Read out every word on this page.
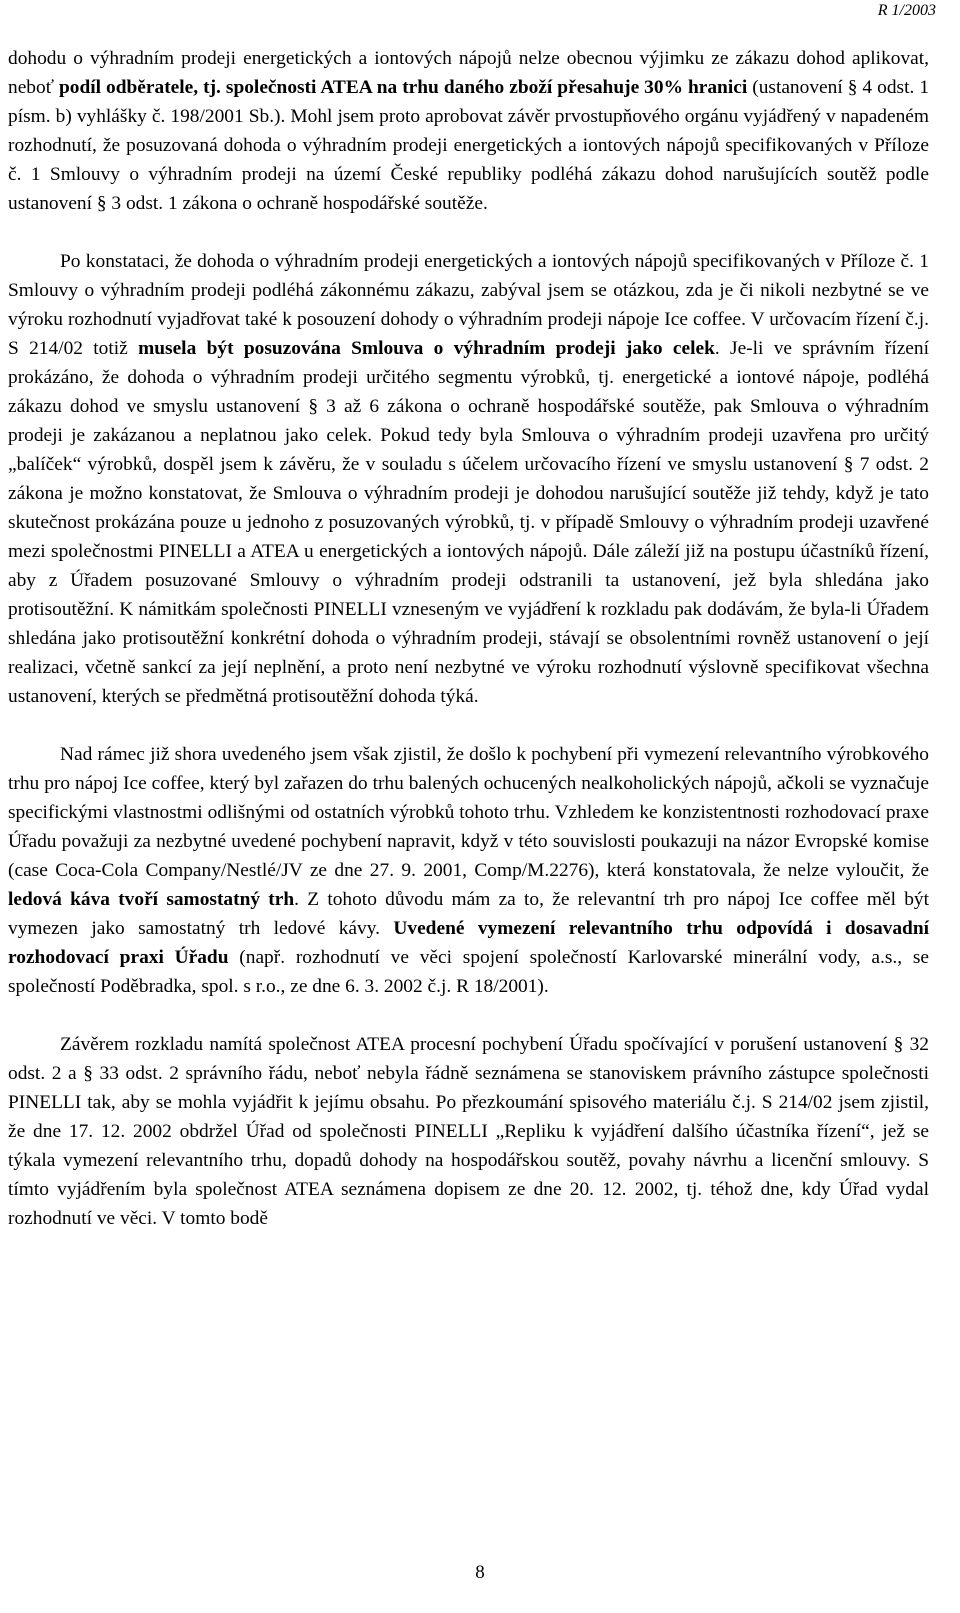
R 1/2003

dohodu o výhradním prodeji energetických a iontových nápojů nelze obecnou výjimku ze zákazu dohod aplikovat, neboť podíl odběratele, tj. společnosti ATEA na trhu daného zboží přesahuje 30% hranici (ustanovení § 4 odst. 1 písm. b) vyhlášky č. 198/2001 Sb.). Mohl jsem proto aprobovat závěr prvostupňového orgánu vyjádřený v napadeném rozhodnutí, že posuzovaná dohoda o výhradním prodeji energetických a iontových nápojů specifikovaných v Příloze č. 1 Smlouvy o výhradním prodeji na území České republiky podléhá zákazu dohod narušujících soutěž podle ustanovení § 3 odst. 1 zákona o ochraně hospodářské soutěže.

Po konstataci, že dohoda o výhradním prodeji energetických a iontových nápojů specifikovaných v Příloze č. 1 Smlouvy o výhradním prodeji podléhá zákonnému zákazu, zabýval jsem se otázkou, zda je či nikoli nezbytné se ve výroku rozhodnutí vyjadřovat také k posouzení dohody o výhradním prodeji nápoje Ice coffee. V určovacím řízení č.j. S 214/02 totiž musela být posuzována Smlouva o výhradním prodeji jako celek. Je-li ve správním řízení prokázáno, že dohoda o výhradním prodeji určitého segmentu výrobků, tj. energetické a iontové nápoje, podléhá zákazu dohod ve smyslu ustanovení § 3 až 6 zákona o ochraně hospodářské soutěže, pak Smlouva o výhradním prodeji je zakázanou a neplatnou jako celek. Pokud tedy byla Smlouva o výhradním prodeji uzavřena pro určitý „balíček“ výrobků, dospěl jsem k závěru, že v souladu s účelem určovacího řízení ve smyslu ustanovení § 7 odst. 2 zákona je možno konstatovat, že Smlouva o výhradním prodeji je dohodou narušující soutěže již tehdy, když je tato skutečnost prokázána pouze u jednoho z posuzovaných výrobků, tj. v případě Smlouvy o výhradním prodeji uzavřené mezi společnostmi PINELLI a ATEA u energetických a iontových nápojů. Dále záleží již na postupu účastníků řízení, aby z Úřadem posuzované Smlouvy o výhradním prodeji odstranili ta ustanovení, jež byla shledána jako protisoutěžní. K námitkám společnosti PINELLI vzneseným ve vyjádření k rozkladu pak dodávám, že byla-li Úřadem shledána jako protisoutěžní konkrétní dohoda o výhradním prodeji, stávají se obsolentními rovněž ustanovení o její realizaci, včetně sankcí za její neplnění, a proto není nezbytné ve výroku rozhodnutí výslovně specifikovat všechna ustanovení, kterých se předmětná protisoutěžní dohoda týká.

Nad rámec již shora uvedeného jsem však zjistil, že došlo k pochybení při vymezení relevantního výrobkového trhu pro nápoj Ice coffee, který byl zařazen do trhu balených ochucených nealkoholických nápojů, ačkoli se vyznačuje specifickými vlastnostmi odlišnými od ostatních výrobků tohoto trhu. Vzhledem ke konzistentnosti rozhodovací praxe Úřadu považuji za nezbytné uvedené pochybení napravit, když v této souvislosti poukazuji na názor Evropské komise (case Coca-Cola Company/Nestlé/JV ze dne 27. 9. 2001, Comp/M.2276), která konstatovala, že nelze vyloučit, že ledová káva tvoří samostatný trh. Z tohoto důvodu mám za to, že relevantní trh pro nápoj Ice coffee měl být vymezen jako samostatný trh ledové kávy. Uvedené vymezení relevantního trhu odpovídá i dosavadní rozhodovací praxi Úřadu (např. rozhodnutí ve věci spojení společností Karlovarské minerální vody, a.s., se společností Poděbradka, spol. s r.o., ze dne 6. 3. 2002 č.j. R 18/2001).

Závěrem rozkladu namítá společnost ATEA procesní pochybení Úřadu spočívající v porušení ustanovení § 32 odst. 2 a § 33 odst. 2 správního řádu, neboť nebyla řádně seznámena se stanoviskem právního zástupce společnosti PINELLI tak, aby se mohla vyjádřit k jejímu obsahu. Po přezkoumání spisového materiálu č.j. S 214/02 jsem zjistil, že dne 17. 12. 2002 obdržel Úřad od společnosti PINELLI „Repliku k vyjádření dalšího účastníka řízení“, jež se týkala vymezení relevantního trhu, dopadů dohody na hospodářskou soutěž, povahy návrhu a licenční smlouvy. S tímto vyjádřením byla společnost ATEA seznámena dopisem ze dne 20. 12. 2002, tj. téhož dne, kdy Úřad vydal rozhodnutí ve věci. V tomto bodě

8
